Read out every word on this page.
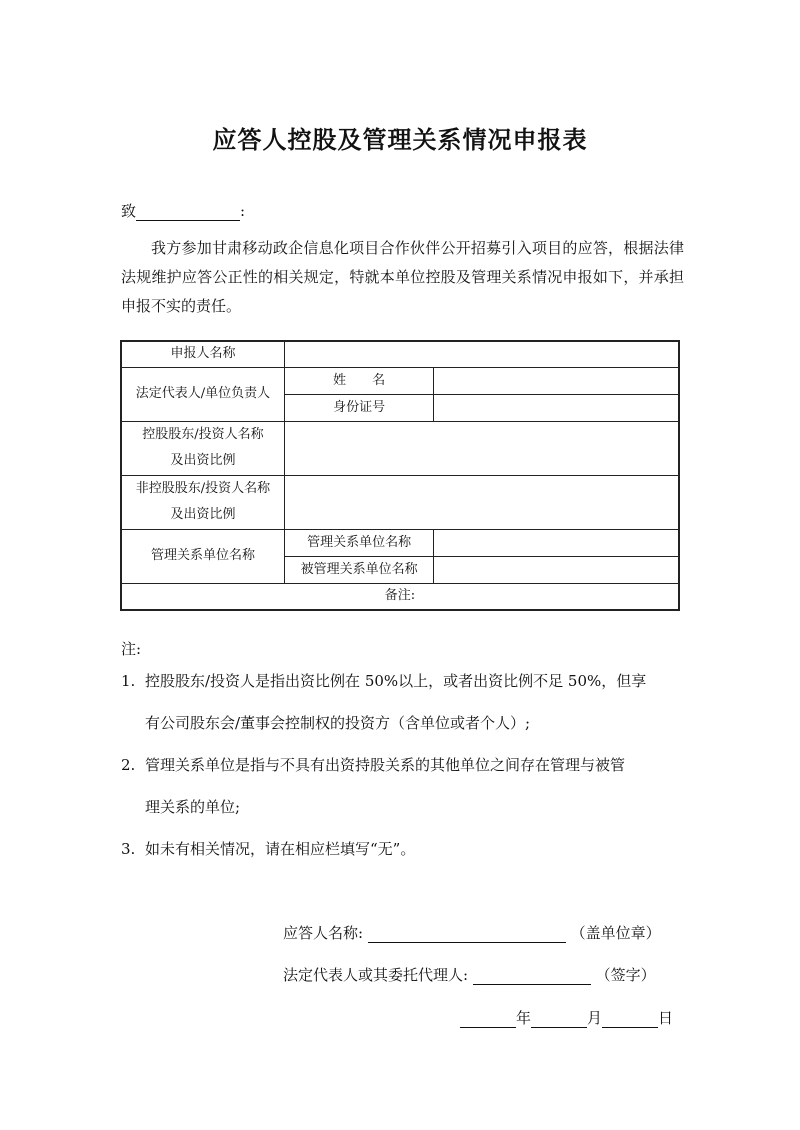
应答人控股及管理关系情况申报表
致	:
我方参加甘肃移动政企信息化项目合作伙伴公开招募引入项目的应答，根据法律法规维护应答公正性的相关规定，特就本单位控股及管理关系情况申报如下，并承担申报不实的责任。
申报人名称		
法定代表人/单位负责人	姓　　名	
	身份证号	

控股股东/投资人名称
及出资比例		

非控股股东/投资人名称
及出资比例		

管理关系单位名称	管理关系单位名称	
	被管理关系单位名称	
备注:		
注:
1. 控股股东/投资人是指出资比例在 50%以上，或者出资比例不足 50%，但享
有公司股东会/董事会控制权的投资方（含单位或者个人）;
2. 管理关系单位是指与不具有出资持股关系的其他单位之间存在管理与被管
理关系的单位;
3. 如未有相关情况，请在相应栏填写“无”。
应答人名称:	（盖单位章）
法定代表人或其委托代理人:	（签字）
年	月	日
